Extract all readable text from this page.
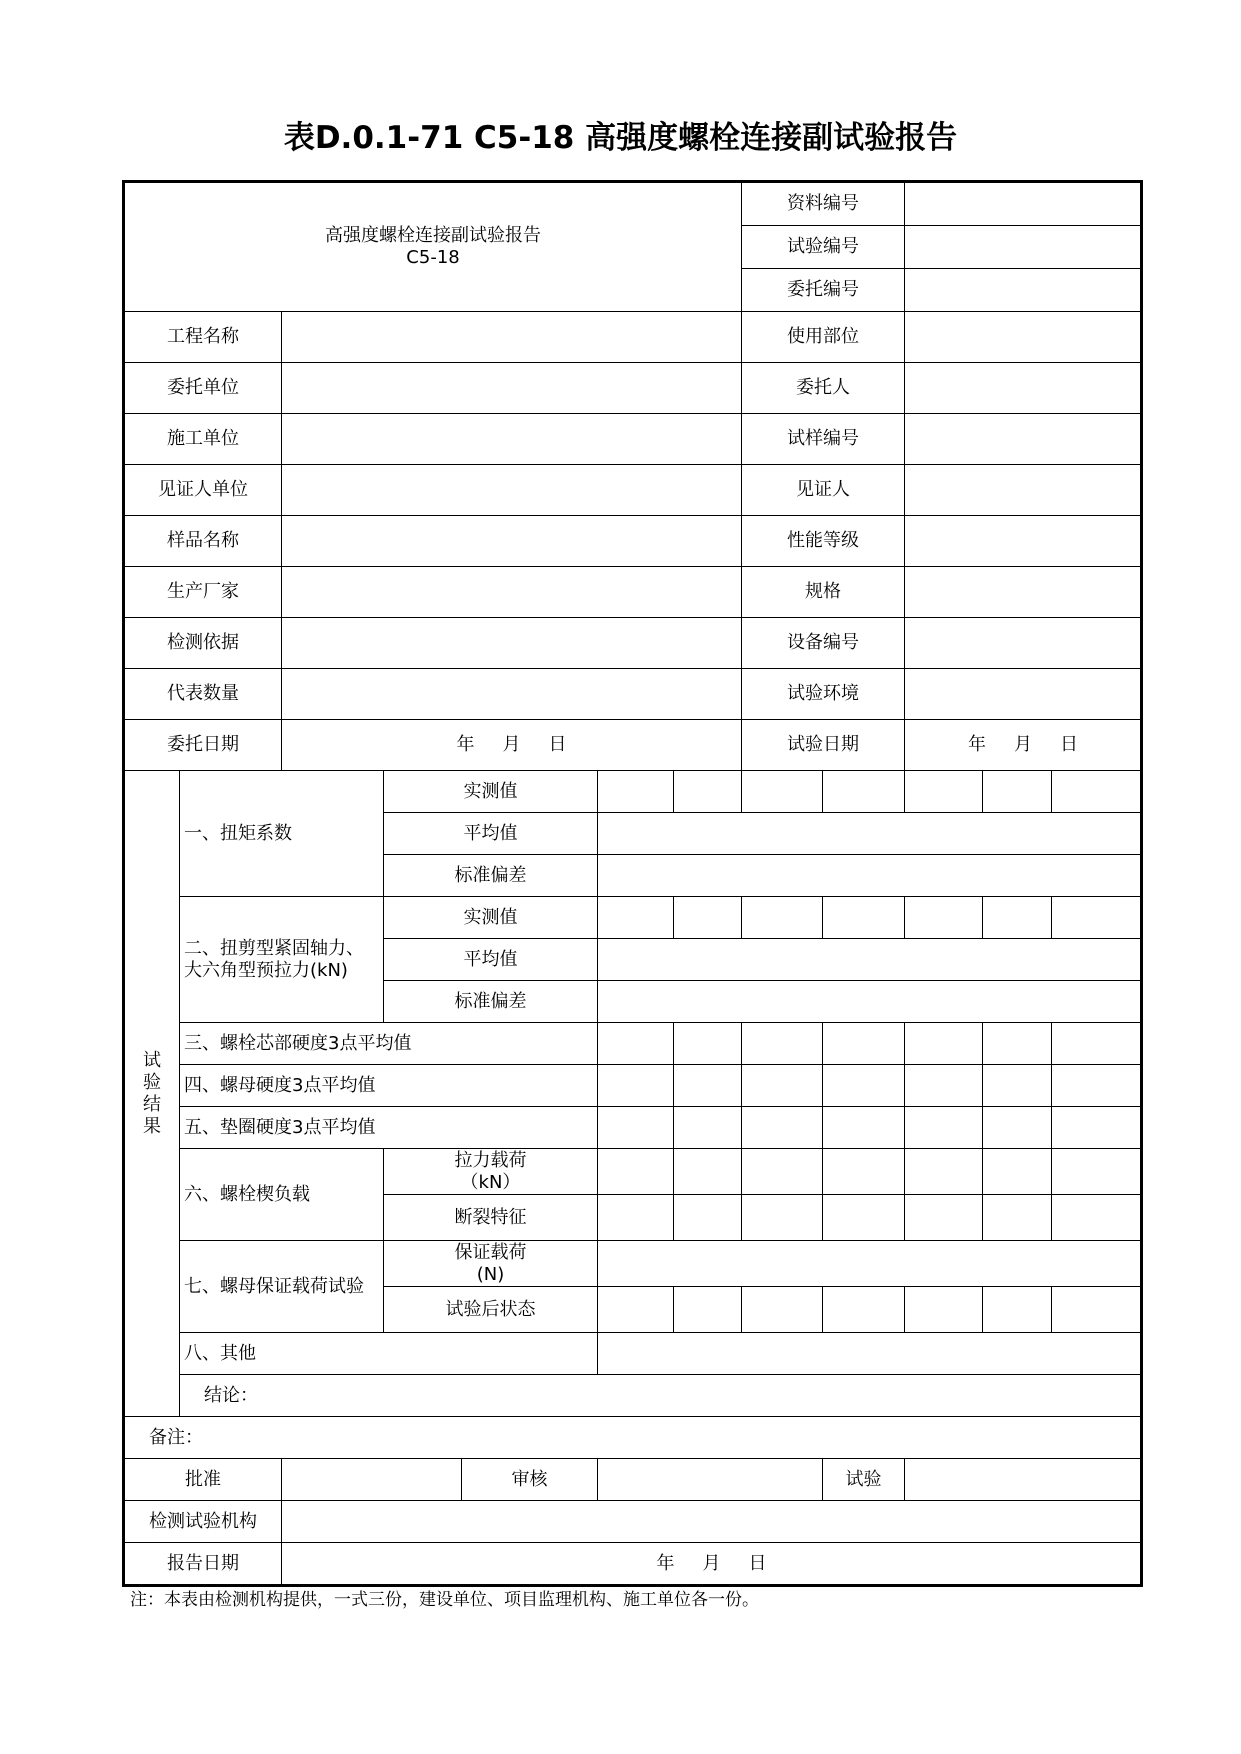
表D.0.1-71 C5-18 高强度螺栓连接副试验报告
高强度螺栓连接副试验报告
C5-18							资料编号				
							试验编号				
							委托编号				
工程名称							使用部位				
委托单位							委托人				
施工单位							试样编号				
见证人单位							见证人				
样品名称							性能等级				
生产厂家							规格				
检测依据							设备编号				
代表数量							试验环境				
委托日期		年 月 日					试验日期		年 月 日		
试
验
结
果	一、扭矩系数		实测值								
			平均值								
			标准偏差								

	二、扭剪型紧固轴力、
大六角型预拉力(kN)		实测值								
			平均值								
			标准偏差								
	三、螺栓芯部硬度3点平均值										
	四、螺母硬度3点平均值										
	五、垫圈硬度3点平均值										
	六、螺栓楔负载		拉力载荷
（kN）								

			断裂特征								
	七、螺母保证载荷试验		保证载荷
(N)								

			试验后状态								
	八、其他										
	结论：										
备注：											
批准				审核				试验			
检测试验机构											
报告日期		年 月 日									
注：本表由检测机构提供，一式三份，建设单位、项目监理机构、施工单位各一份。
